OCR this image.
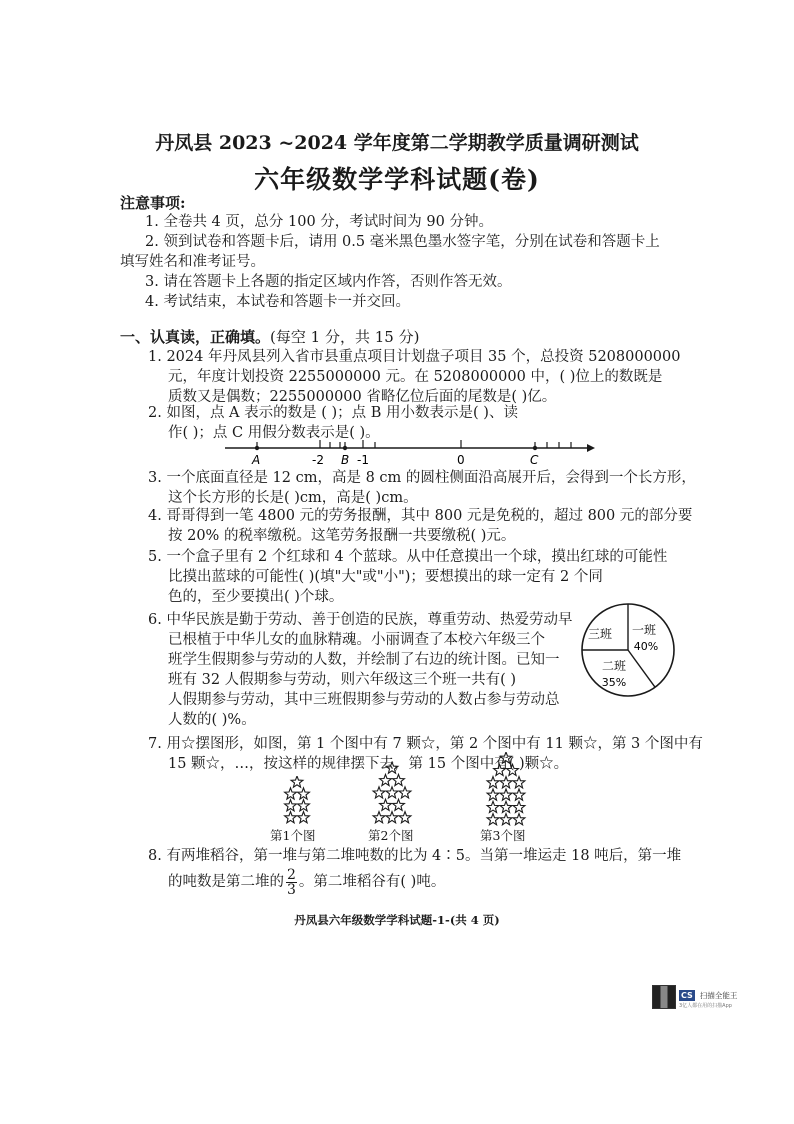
丹凤县 2023 ~2024 学年度第二学期教学质量调研测试
六年级数学学科试题(卷)
注意事项:
1. 全卷共 4 页，总分 100 分，考试时间为 90 分钟。
2. 领到试卷和答题卡后，请用 0.5 毫米黑色墨水签字笔，分别在试卷和答题卡上
填写姓名和准考证号。
3. 请在答题卡上各题的指定区域内作答，否则作答无效。
4. 考试结束，本试卷和答题卡一并交回。
一、认真读，正确填。(每空 1 分，共 15 分)
1. 2024 年丹凤县列入省市县重点项目计划盘子项目 35 个，总投资 5208000000
元，年度计划投资 2255000000 元。在 5208000000 中，( )位上的数既是
质数又是偶数；2255000000 省略亿位后面的尾数是( )亿。
2. 如图，点 A 表示的数是 ( )；点 B 用小数表示是( )、读
作( )；点 C 用假分数表示是( )。
A	-2 B -1	0	C
3. 一个底面直径是 12 cm，高是 8 cm 的圆柱侧面沿高展开后，会得到一个长方形，
这个长方形的长是( )cm，高是( )cm。
4. 哥哥得到一笔 4800 元的劳务报酬，其中 800 元是免税的，超过 800 元的部分要
按 20% 的税率缴税。这笔劳务报酬一共要缴税( )元。
5. 一个盒子里有 2 个红球和 4 个蓝球。从中任意摸出一个球，摸出红球的可能性
比摸出蓝球的可能性( )(填"大"或"小")；要想摸出的球一定有 2 个同
色的，至少要摸出( )个球。
6. 中华民族是勤于劳动、善于创造的民族，尊重劳动、热爱劳动早
已根植于中华儿女的血脉精魂。小丽调查了本校六年级三个
班学生假期参与劳动的人数，并绘制了右边的统计图。已知一
班有 32 人假期参与劳动，则六年级这三个班一共有( )
人假期参与劳动，其中三班假期参与劳动的人数占参与劳动总
人数的( )%。
一班
40%
二班
35%
三班
7. 用☆摆图形，如图，第 1 个图中有 7 颗☆，第 2 个图中有 11 颗☆，第 3 个图中有
15 颗☆，…，按这样的规律摆下去，第 15 个图中有( )颗☆。
第1个图	第2个图	第3个图
8. 有两堆稻谷，第一堆与第二堆吨数的比为 4∶5。当第一堆运走 18 吨后，第一堆
的吨数是第二堆的 $\frac{2}{3}$ 。第二堆稻谷有( )吨。
丹凤县六年级数学学科试题-1-(共 4 页)
CS 扫描全能王
3亿人都在用的扫描App
